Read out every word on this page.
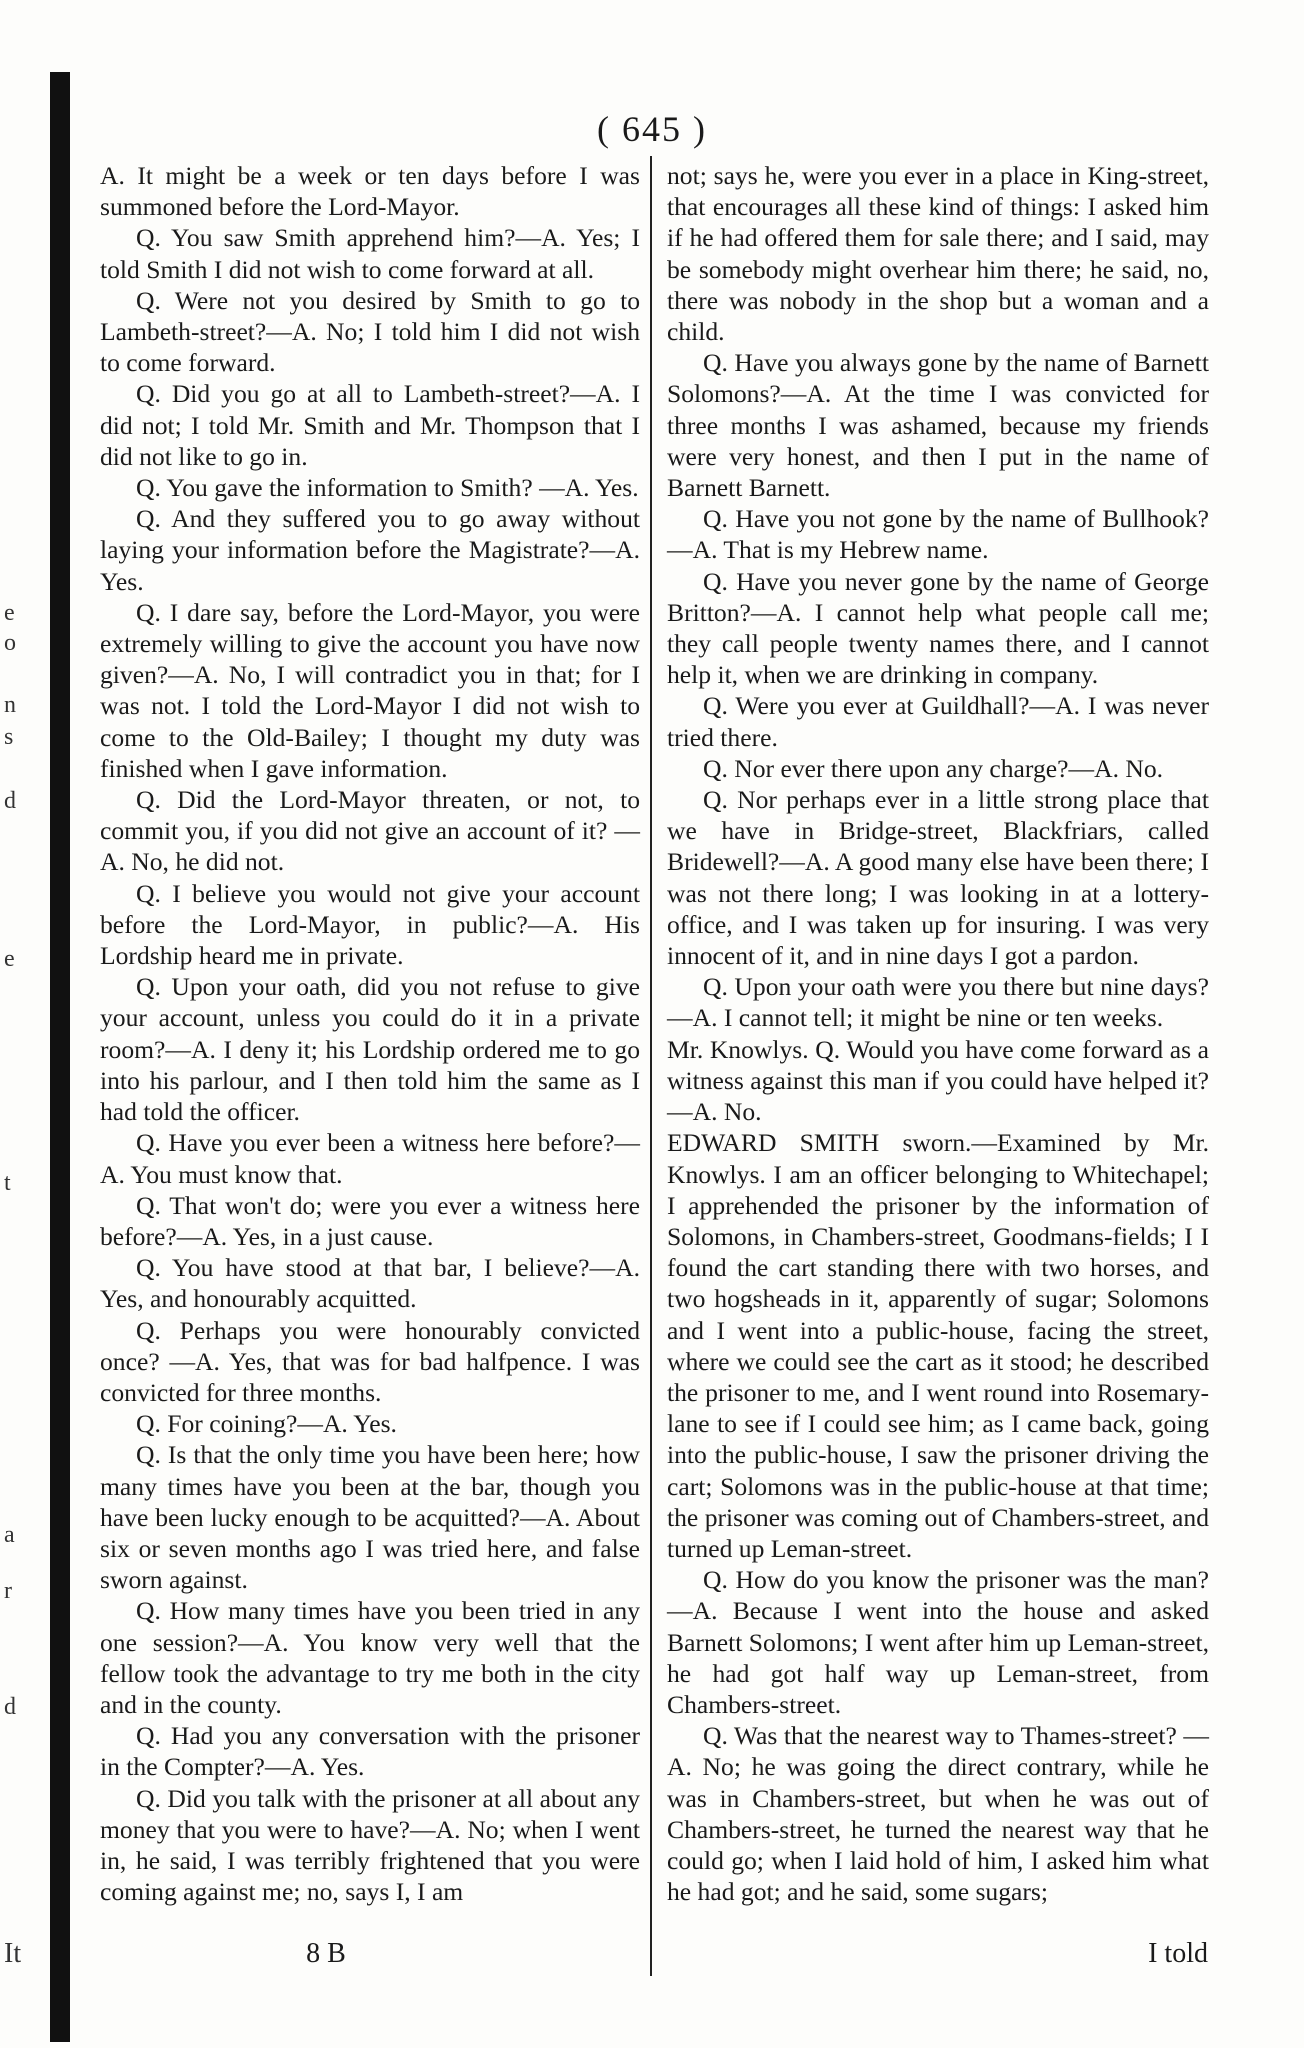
( 645 )

A. It might be a week or ten days before I was summoned before the Lord-Mayor.

Q. You saw Smith apprehend him?—A. Yes; I told Smith I did not wish to come forward at all.

Q. Were not you desired by Smith to go to Lambeth-street?—A. No; I told him I did not wish to come forward.

Q. Did you go at all to Lambeth-street?—A. I did not; I told Mr. Smith and Mr. Thompson that I did not like to go in.

Q. You gave the information to Smith? —A. Yes.

Q. And they suffered you to go away without laying your information before the Magistrate?—A. Yes.

Q. I dare say, before the Lord-Mayor, you were extremely willing to give the account you have now given?—A. No, I will contradict you in that; for I was not. I told the Lord-Mayor I did not wish to come to the Old-Bailey; I thought my duty was finished when I gave information.

Q. Did the Lord-Mayor threaten, or not, to commit you, if you did not give an account of it? —A. No, he did not.

Q. I believe you would not give your account before the Lord-Mayor, in public?—A. His Lordship heard me in private.

Q. Upon your oath, did you not refuse to give your account, unless you could do it in a private room?—A. I deny it; his Lordship ordered me to go into his parlour, and I then told him the same as I had told the officer.

Q. Have you ever been a witness here before?—A. You must know that.

Q. That won't do; were you ever a witness here before?—A. Yes, in a just cause.

Q. You have stood at that bar, I believe?—A. Yes, and honourably acquitted.

Q. Perhaps you were honourably convicted once? —A. Yes, that was for bad halfpence. I was convicted for three months.

Q. For coining?—A. Yes.

Q. Is that the only time you have been here; how many times have you been at the bar, though you have been lucky enough to be acquitted?—A. About six or seven months ago I was tried here, and false sworn against.

Q. How many times have you been tried in any one session?—A. You know very well that the fellow took the advantage to try me both in the city and in the county.

Q. Had you any conversation with the prisoner in the Compter?—A. Yes.

Q. Did you talk with the prisoner at all about any money that you were to have?—A. No; when I went in, he said, I was terribly frightened that you were coming against me; no, says I, I am

not; says he, were you ever in a place in King-street, that encourages all these kind of things: I asked him if he had offered them for sale there; and I said, may be somebody might overhear him there; he said, no, there was nobody in the shop but a woman and a child.

Q. Have you always gone by the name of Barnett Solomons?—A. At the time I was convicted for three months I was ashamed, because my friends were very honest, and then I put in the name of Barnett Barnett.

Q. Have you not gone by the name of Bullhook?—A. That is my Hebrew name.

Q. Have you never gone by the name of George Britton?—A. I cannot help what people call me; they call people twenty names there, and I cannot help it, when we are drinking in company.

Q. Were you ever at Guildhall?—A. I was never tried there.

Q. Nor ever there upon any charge?—A. No.

Q. Nor perhaps ever in a little strong place that we have in Bridge-street, Blackfriars, called Bridewell?—A. A good many else have been there; I was not there long; I was looking in at a lottery-office, and I was taken up for insuring. I was very innocent of it, and in nine days I got a pardon.

Q. Upon your oath were you there but nine days? —A. I cannot tell; it might be nine or ten weeks.

Mr. Knowlys. Q. Would you have come forward as a witness against this man if you could have helped it?—A. No.

EDWARD SMITH sworn.—Examined by Mr. Knowlys. I am an officer belonging to Whitechapel; I apprehended the prisoner by the information of Solomons, in Chambers-street, Goodmans-fields; I I found the cart standing there with two horses, and two hogsheads in it, apparently of sugar; Solomons and I went into a public-house, facing the street, where we could see the cart as it stood; he described the prisoner to me, and I went round into Rosemary-lane to see if I could see him; as I came back, going into the public-house, I saw the prisoner driving the cart; Solomons was in the public-house at that time; the prisoner was coming out of Chambers-street, and turned up Leman-street.

Q. How do you know the prisoner was the man? —A. Because I went into the house and asked Barnett Solomons; I went after him up Leman-street, he had got half way up Leman-street, from Chambers-street.

Q. Was that the nearest way to Thames-street? —A. No; he was going the direct contrary, while he was in Chambers-street, but when he was out of Chambers-street, he turned the nearest way that he could go; when I laid hold of him, I asked him what he had got; and he said, some sugars;

8 B	I told
e
o
n
s
d
e
t
a
r
d
It
